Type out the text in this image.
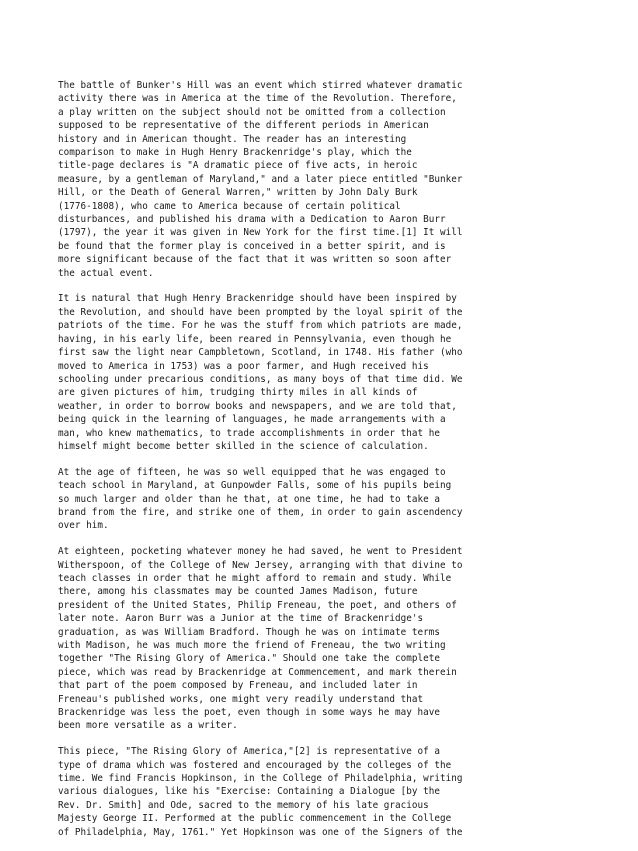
The battle of Bunker's Hill was an event which stirred whatever dramatic
activity there was in America at the time of the Revolution. Therefore,
a play written on the subject should not be omitted from a collection
supposed to be representative of the different periods in American
history and in American thought. The reader has an interesting
comparison to make in Hugh Henry Brackenridge's play, which the
title-page declares is "A dramatic piece of five acts, in heroic
measure, by a gentleman of Maryland," and a later piece entitled "Bunker
Hill, or the Death of General Warren," written by John Daly Burk
(1776-1808), who came to America because of certain political
disturbances, and published his drama with a Dedication to Aaron Burr
(1797), the year it was given in New York for the first time.[1] It will
be found that the former play is conceived in a better spirit, and is
more significant because of the fact that it was written so soon after
the actual event.

It is natural that Hugh Henry Brackenridge should have been inspired by
the Revolution, and should have been prompted by the loyal spirit of the
patriots of the time. For he was the stuff from which patriots are made,
having, in his early life, been reared in Pennsylvania, even though he
first saw the light near Campbletown, Scotland, in 1748. His father (who
moved to America in 1753) was a poor farmer, and Hugh received his
schooling under precarious conditions, as many boys of that time did. We
are given pictures of him, trudging thirty miles in all kinds of
weather, in order to borrow books and newspapers, and we are told that,
being quick in the learning of languages, he made arrangements with a
man, who knew mathematics, to trade accomplishments in order that he
himself might become better skilled in the science of calculation.

At the age of fifteen, he was so well equipped that he was engaged to
teach school in Maryland, at Gunpowder Falls, some of his pupils being
so much larger and older than he that, at one time, he had to take a
brand from the fire, and strike one of them, in order to gain ascendency
over him.

At eighteen, pocketing whatever money he had saved, he went to President
Witherspoon, of the College of New Jersey, arranging with that divine to
teach classes in order that he might afford to remain and study. While
there, among his classmates may be counted James Madison, future
president of the United States, Philip Freneau, the poet, and others of
later note. Aaron Burr was a Junior at the time of Brackenridge's
graduation, as was William Bradford. Though he was on intimate terms
with Madison, he was much more the friend of Freneau, the two writing
together "The Rising Glory of America." Should one take the complete
piece, which was read by Brackenridge at Commencement, and mark therein
that part of the poem composed by Freneau, and included later in
Freneau's published works, one might very readily understand that
Brackenridge was less the poet, even though in some ways he may have
been more versatile as a writer.

This piece, "The Rising Glory of America,"[2] is representative of a
type of drama which was fostered and encouraged by the colleges of the
time. We find Francis Hopkinson, in the College of Philadelphia, writing
various dialogues, like his "Exercise: Containing a Dialogue [by the
Rev. Dr. Smith] and Ode, sacred to the memory of his late gracious
Majesty George II. Performed at the public commencement in the College
of Philadelphia, May, 1761." Yet Hopkinson was one of the Signers of the
